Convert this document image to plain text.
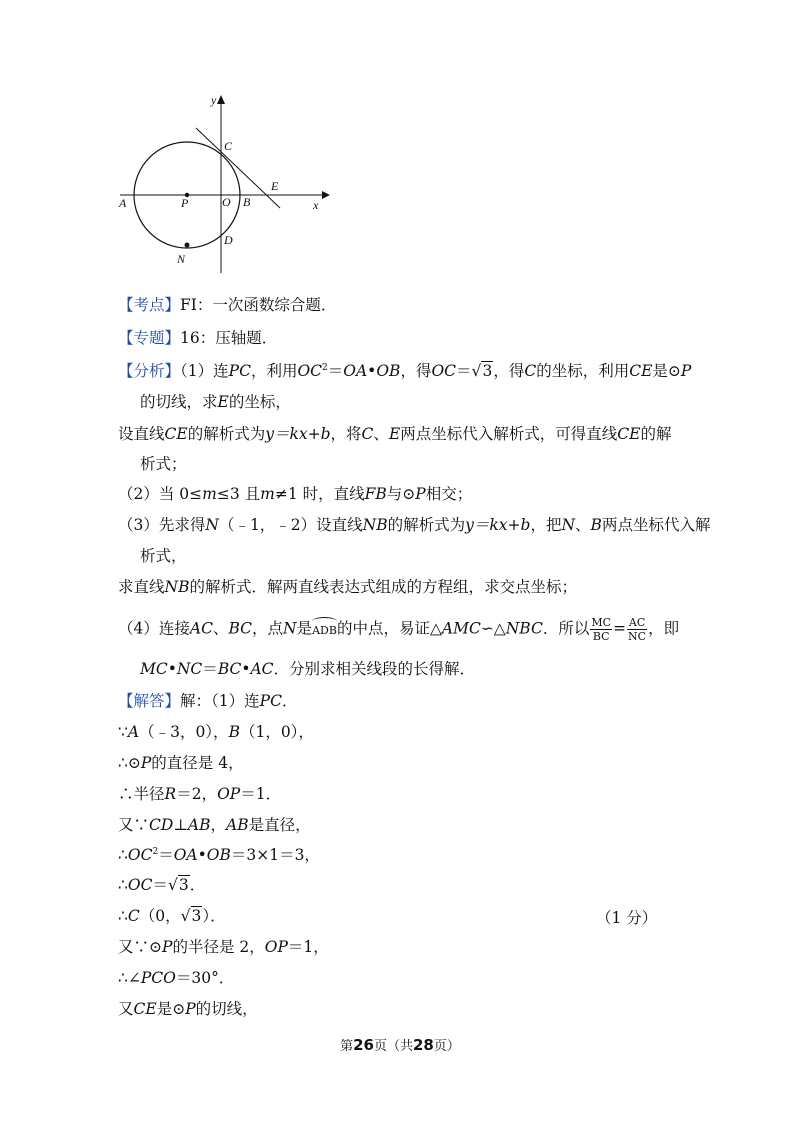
y
x
A	P	O B
C
D
E
N
【考点】FI：一次函数综合题．
【专题】16：压轴题．
【分析】（1）连PC，利用$OC^2=OA•OB$，得OC＝√3，得C的坐标，利用CE是⊙P
的切线，求E的坐标，
设直线CE的解析式为y＝kx+b，将C、E两点坐标代入解析式，可得直线CE的解
析式；
（2）当 0≤m≤3 且m≠1 时，直线FB与⊙P相交；
（3）先求得N（﹣1，﹣2）设直线NB的解析式为y＝kx+b，把N、B两点坐标代入解
析式，
求直线NB的解析式．解两直线表达式组成的方程组，求交点坐标；
（4）连接AC、BC，点N是ADB的中点，易证△AMC∽△NBC．所以 $\frac{MC}{BC} = \frac{AC}{NC}$ ，即
MC•NC＝BC•AC．分别求相关线段的长得解．
【解答】解：（1）连PC．
∵A（﹣3，0），B（1，0），
∴⊙P的直径是 4，
∴半径R＝2，OP＝1．
又∵CD⊥AB，AB是直径，
$\therefore OC^2=OA•OB=3\times 1=3$，
∴OC＝√3．
∴C（0，√3）．	（1 分）
又∵⊙P的半径是 2，OP＝1，
∴∠PCO＝30°．
又CE是⊙P的切线，
第26页（共28页）
